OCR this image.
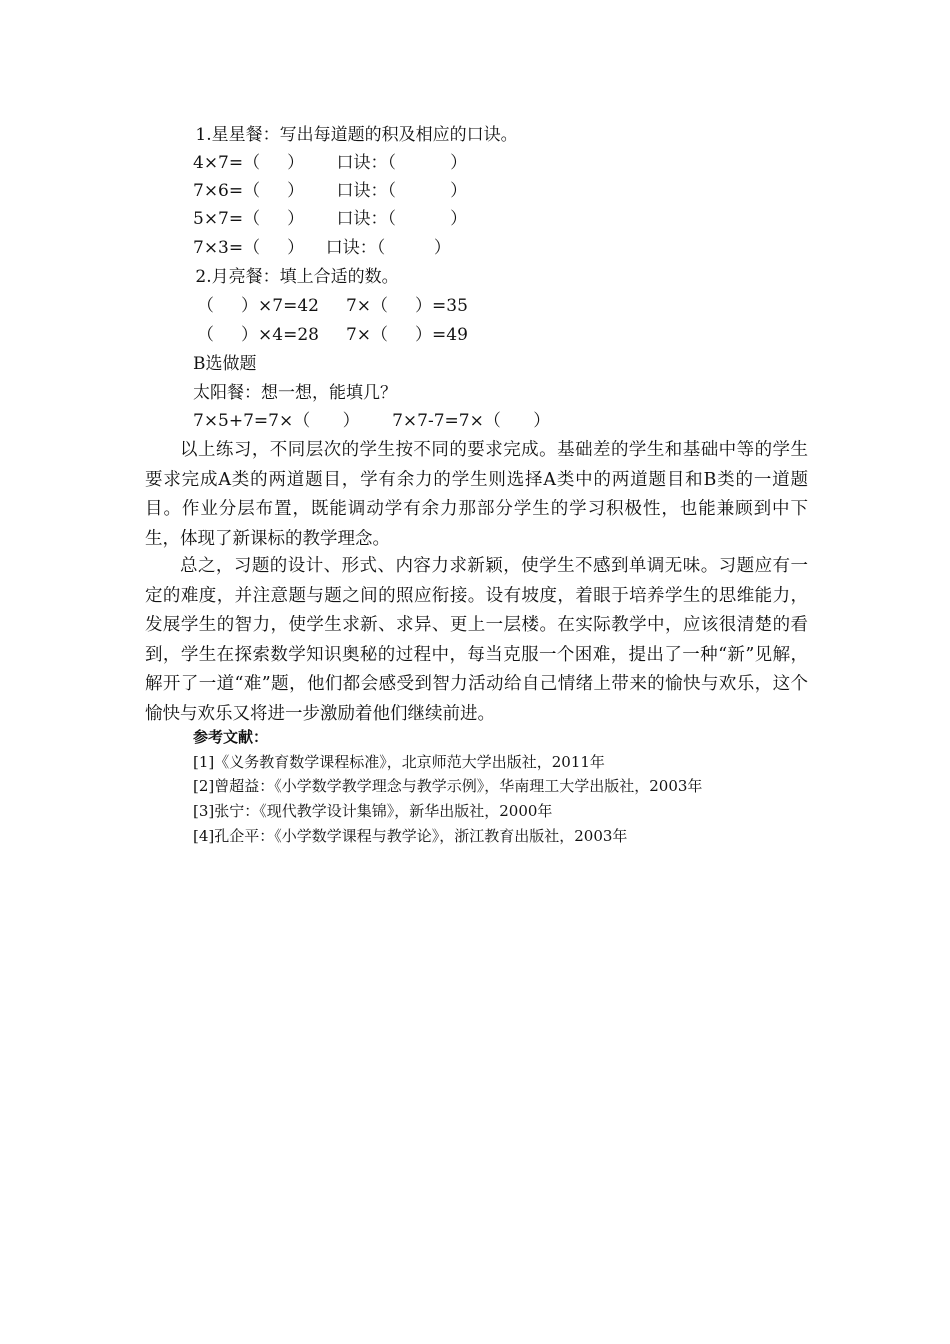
1.星星餐：写出每道题的积及相应的口诀。
4×7=（     ）      口诀：（          ）
7×6=（     ）      口诀：（          ）
5×7=（     ）      口诀：（          ）
7×3=（     ）    口诀：（         ）
2.月亮餐：填上合适的数。
（     ）×7=42     7×（     ）=35
（     ）×4=28     7×（     ）=49
B选做题
太阳餐：想一想，能填几？
7×5+7=7×（      ）      7×7-7=7×（      ）
以上练习，不同层次的学生按不同的要求完成。基础差的学生和基础中等的学生要求完成A类的两道题目，学有余力的学生则选择A类中的两道题目和B类的一道题目。作业分层布置，既能调动学有余力那部分学生的学习积极性，也能兼顾到中下生，体现了新课标的教学理念。
总之，习题的设计、形式、内容力求新颖，使学生不感到单调无味。习题应有一定的难度，并注意题与题之间的照应衔接。设有坡度，着眼于培养学生的思维能力，发展学生的智力，使学生求新、求异、更上一层楼。在实际教学中，应该很清楚的看到，学生在探索数学知识奥秘的过程中，每当克服一个困难，提出了一种“新”见解，解开了一道“难”题，他们都会感受到智力活动给自己情绪上带来的愉快与欢乐，这个愉快与欢乐又将进一步激励着他们继续前进。
参考文献：
[1]《义务教育数学课程标准》，北京师范大学出版社，2011年
[2]曾超益：《小学数学教学理念与教学示例》，华南理工大学出版社，2003年
[3]张宁：《现代教学设计集锦》，新华出版社，2000年
[4]孔企平：《小学数学课程与教学论》，浙江教育出版社，2003年
